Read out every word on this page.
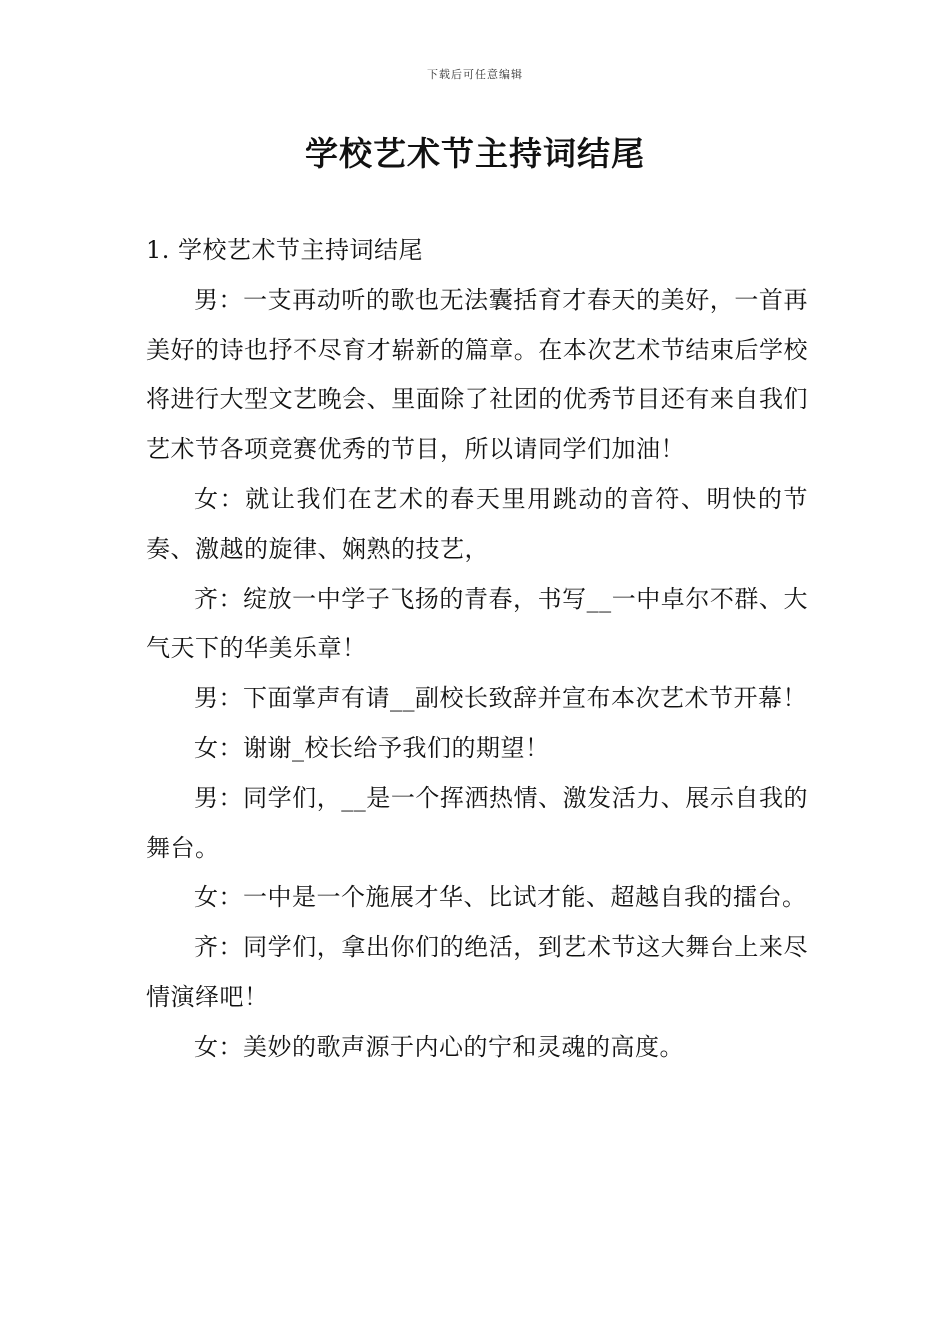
下载后可任意编辑
学校艺术节主持词结尾

1. 学校艺术节主持词结尾

男：一支再动听的歌也无法囊括育才春天的美好，一首再美好的诗也抒不尽育才崭新的篇章。在本次艺术节结束后学校将进行大型文艺晚会、里面除了社团的优秀节目还有来自我们艺术节各项竞赛优秀的节目，所以请同学们加油！

女：就让我们在艺术的春天里用跳动的音符、明快的节奏、激越的旋律、娴熟的技艺，

齐：绽放一中学子飞扬的青春，书写__一中卓尔不群、大气天下的华美乐章！

男：下面掌声有请__副校长致辞并宣布本次艺术节开幕！

女：谢谢_校长给予我们的期望！

男：同学们，__是一个挥洒热情、激发活力、展示自我的舞台。

女：一中是一个施展才华、比试才能、超越自我的擂台。

齐：同学们，拿出你们的绝活，到艺术节这大舞台上来尽情演绎吧！

女：美妙的歌声源于内心的宁和灵魂的高度。
